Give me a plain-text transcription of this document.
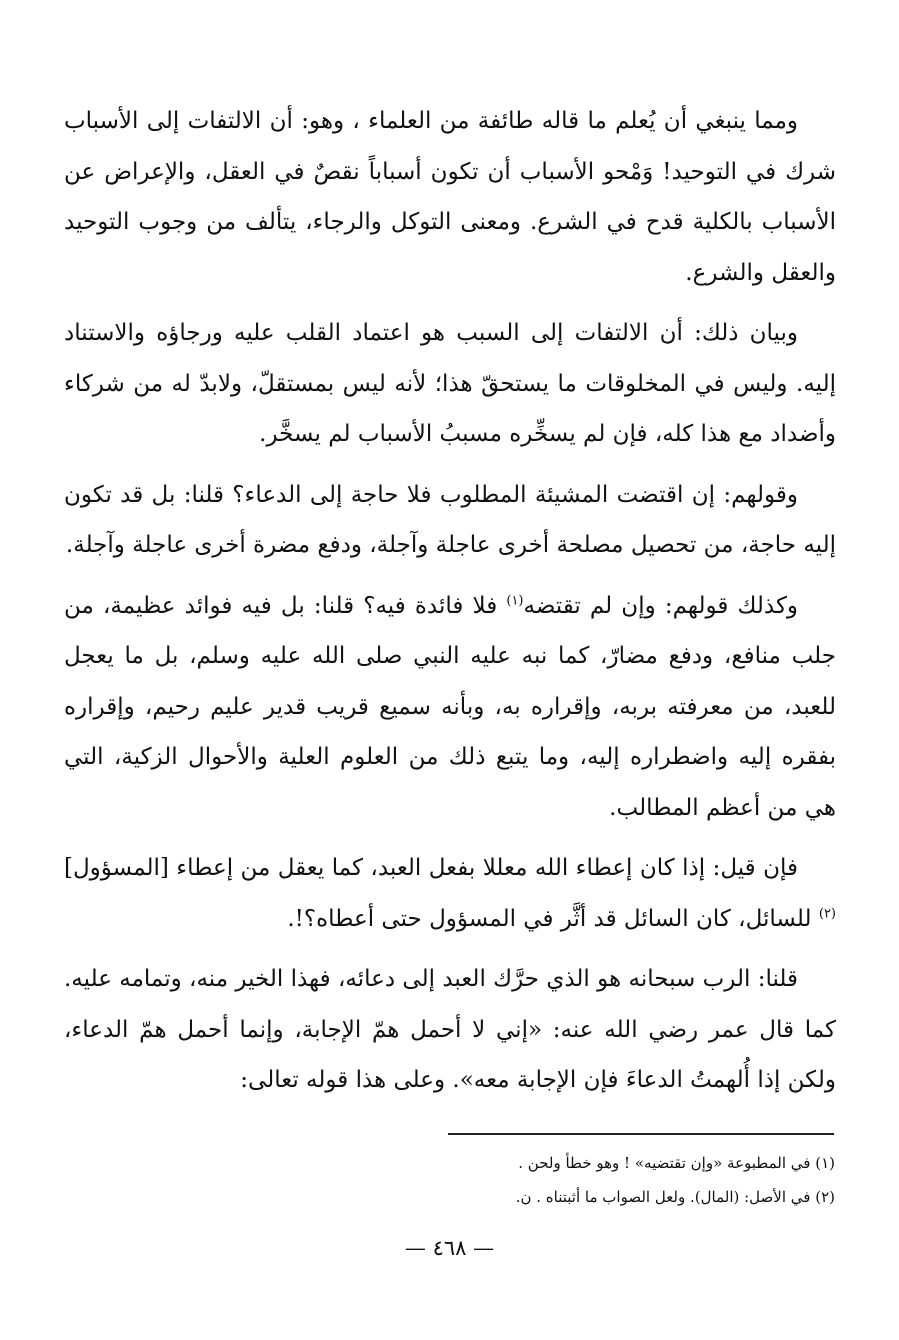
ومما ينبغي أن يُعلم ما قاله طائفة من العلماء ، وهو: أن الالتفات إلى الأسباب شرك في التوحيد! وَمْحو الأسباب أن تكون أسباباً نقصٌ في العقل، والإعراض عن الأسباب بالكلية قدح في الشرع. ومعنى التوكل والرجاء، يتألف من وجوب التوحيد والعقل والشرع.

وبيان ذلك: أن الالتفات إلى السبب هو اعتماد القلب عليه ورجاؤه والاستناد إليه. وليس في المخلوقات ما يستحقّ هذا؛ لأنه ليس بمستقلّ، ولابدّ له من شركاء وأضداد مع هذا كله، فإن لم يسخِّره مسببُ الأسباب لم يسخَّر.

وقولهم: إن اقتضت المشيئة المطلوب فلا حاجة إلى الدعاء؟ قلنا: بل قد تكون إليه حاجة، من تحصيل مصلحة أخرى عاجلة وآجلة، ودفع مضرة أخرى عاجلة وآجلة.

وكذلك قولهم: وإن لم تقتضه$^{(١)}$ فلا فائدة فيه؟ قلنا: بل فيه فوائد عظيمة، من جلب منافع، ودفع مضارّ، كما نبه عليه النبي صلى الله عليه وسلم، بل ما يعجل للعبد، من معرفته بربه، وإقراره به، وبأنه سميع قريب قدير عليم رحيم، وإقراره بفقره إليه واضطراره إليه، وما يتبع ذلك من العلوم العلية والأحوال الزكية، التي هي من أعظم المطالب.

فإن قيل: إذا كان إعطاء الله معللا بفعل العبد، كما يعقل من إعطاء [المسؤول]$^{(٢)}$ للسائل، كان السائل قد أثَّر في المسؤول حتى أعطاه؟!.

قلنا: الرب سبحانه هو الذي حرَّك العبد إلى دعائه، فهذا الخير منه، وتمامه عليه. كما قال عمر رضي الله عنه: «إني لا أحمل همّ الإجابة، وإنما أحمل همّ الدعاء، ولكن إذا أُلهمتُ الدعاءَ فإن الإجابة معه». وعلى هذا قوله تعالى:

(١) في المطبوعة «وإن تقتضيه» ! وهو خطأ ولحن .

(٢) في الأصل: (المال). ولعل الصواب ما أثبتناه . ن.

— ٤٦٨ —
